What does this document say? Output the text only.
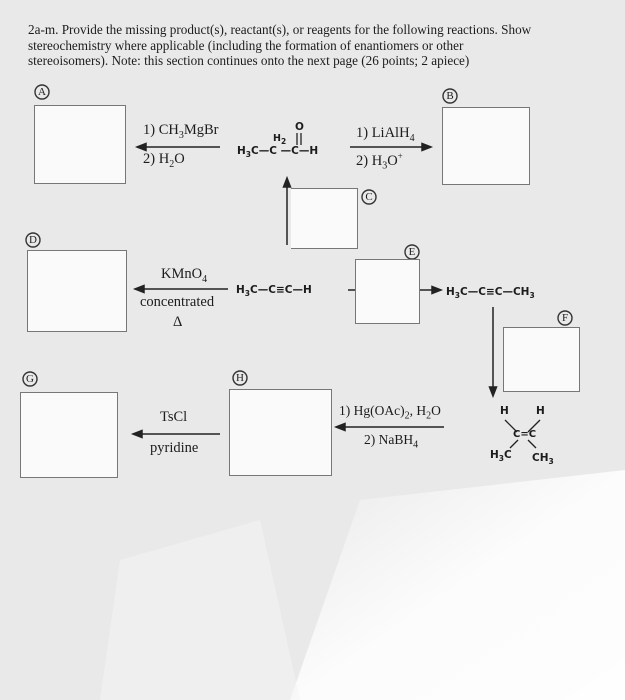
2a-m. Provide the missing product(s), reactant(s), or reagents for the following reactions. Show

stereochemistry where applicable (including the formation of enantiomers or other

stereoisomers). Note: this section continues onto the next page (26 points; 2 apiece)

A	B
C
D
E
F
G	H
1) $CH_3MgBr$
2) $H_2O$	$H_3C—C$ —C—H
$H_2$
O	1) LiAlH$_4$
2) $H_3O^+$
KMnO$_4$
concentrated
Δ
$H_3C—C\equiv C—H$	$H_3C—C\equiv C—CH_3$
1) $Hg(OAc)_2$, $H_2O$
2) NaBH$_4$
H	H
C=C
$H_3C$ $CH_3$
TsCl
pyridine
